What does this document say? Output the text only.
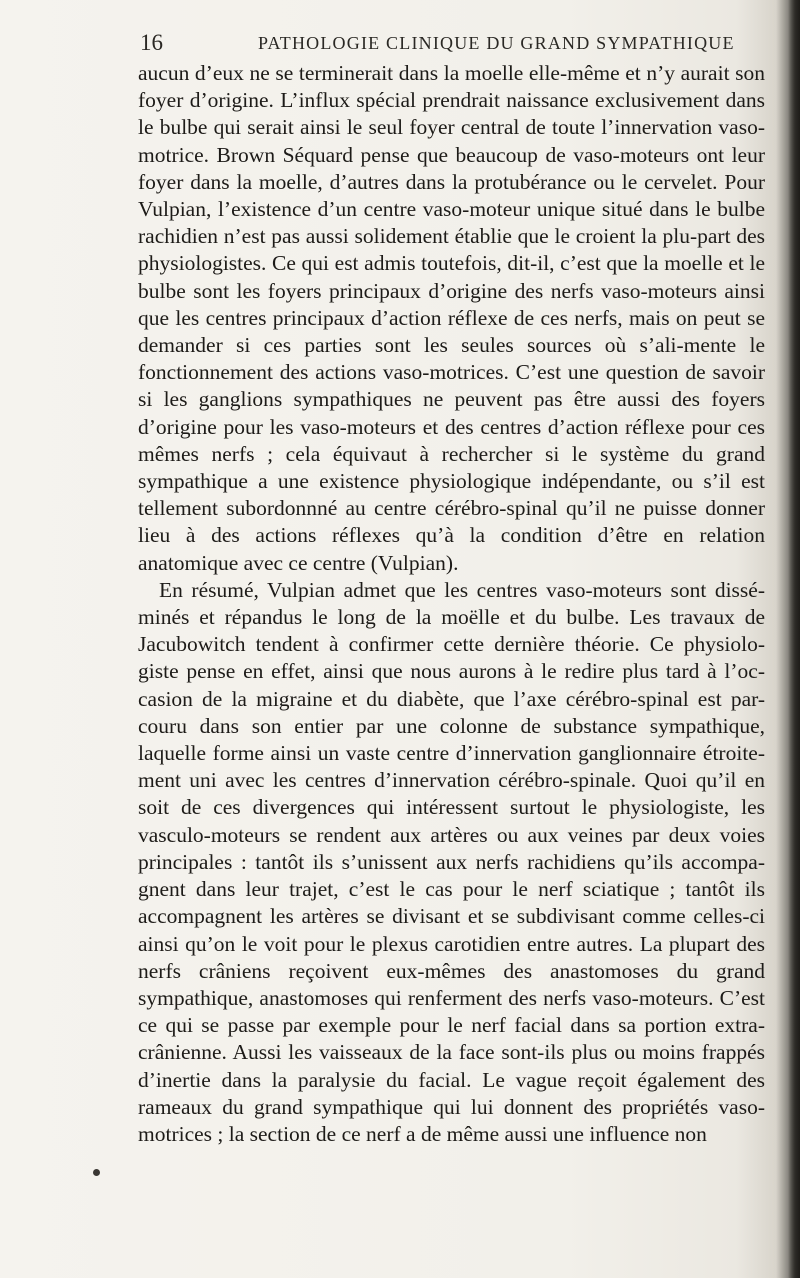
16	PATHOLOGIE CLINIQUE DU GRAND SYMPATHIQUE

aucun d’eux ne se terminerait dans la moelle elle-même et n’y aurait son foyer d’origine. L’influx spécial prendrait naissance exclusivement dans le bulbe qui serait ainsi le seul foyer central de toute l’innervation vaso-motrice. Brown Séquard pense que beaucoup de vaso-moteurs ont leur foyer dans la moelle, d’autres dans la protubérance ou le cervelet. Pour Vulpian, l’existence d’un centre vaso-moteur unique situé dans le bulbe rachidien n’est pas aussi solidement établie que le croient la plu-part des physiologistes. Ce qui est admis toutefois, dit-il, c’est que la moelle et le bulbe sont les foyers principaux d’origine des nerfs vaso-moteurs ainsi que les centres principaux d’action réflexe de ces nerfs, mais on peut se demander si ces parties sont les seules sources où s’ali-mente le fonctionnement des actions vaso-motrices. C’est une question de savoir si les ganglions sympathiques ne peuvent pas être aussi des foyers d’origine pour les vaso-moteurs et des centres d’action réflexe pour ces mêmes nerfs ; cela équivaut à rechercher si le système du grand sympathique a une existence physiologique indépendante, ou s’il est tellement subordonnné au centre cérébro-spinal qu’il ne puisse donner lieu à des actions réflexes qu’à la condition d’être en relation anatomique avec ce centre (Vulpian).

En résumé, Vulpian admet que les centres vaso-moteurs sont dissé-minés et répandus le long de la moëlle et du bulbe. Les travaux de Jacubowitch tendent à confirmer cette dernière théorie. Ce physiolo-giste pense en effet, ainsi que nous aurons à le redire plus tard à l’oc-casion de la migraine et du diabète, que l’axe cérébro-spinal est par-couru dans son entier par une colonne de substance sympathique, laquelle forme ainsi un vaste centre d’innervation ganglionnaire étroite-ment uni avec les centres d’innervation cérébro-spinale. Quoi qu’il en soit de ces divergences qui intéressent surtout le physiologiste, les vasculo-moteurs se rendent aux artères ou aux veines par deux voies principales : tantôt ils s’unissent aux nerfs rachidiens qu’ils accompa-gnent dans leur trajet, c’est le cas pour le nerf sciatique ; tantôt ils accompagnent les artères se divisant et se subdivisant comme celles-ci ainsi qu’on le voit pour le plexus carotidien entre autres. La plupart des nerfs crâniens reçoivent eux-mêmes des anastomoses du grand sympathique, anastomoses qui renferment des nerfs vaso-moteurs. C’est ce qui se passe par exemple pour le nerf facial dans sa portion extra-crânienne. Aussi les vaisseaux de la face sont-ils plus ou moins frappés d’inertie dans la paralysie du facial. Le vague reçoit également des rameaux du grand sympathique qui lui donnent des propriétés vaso-motrices ; la section de ce nerf a de même aussi une influence non
